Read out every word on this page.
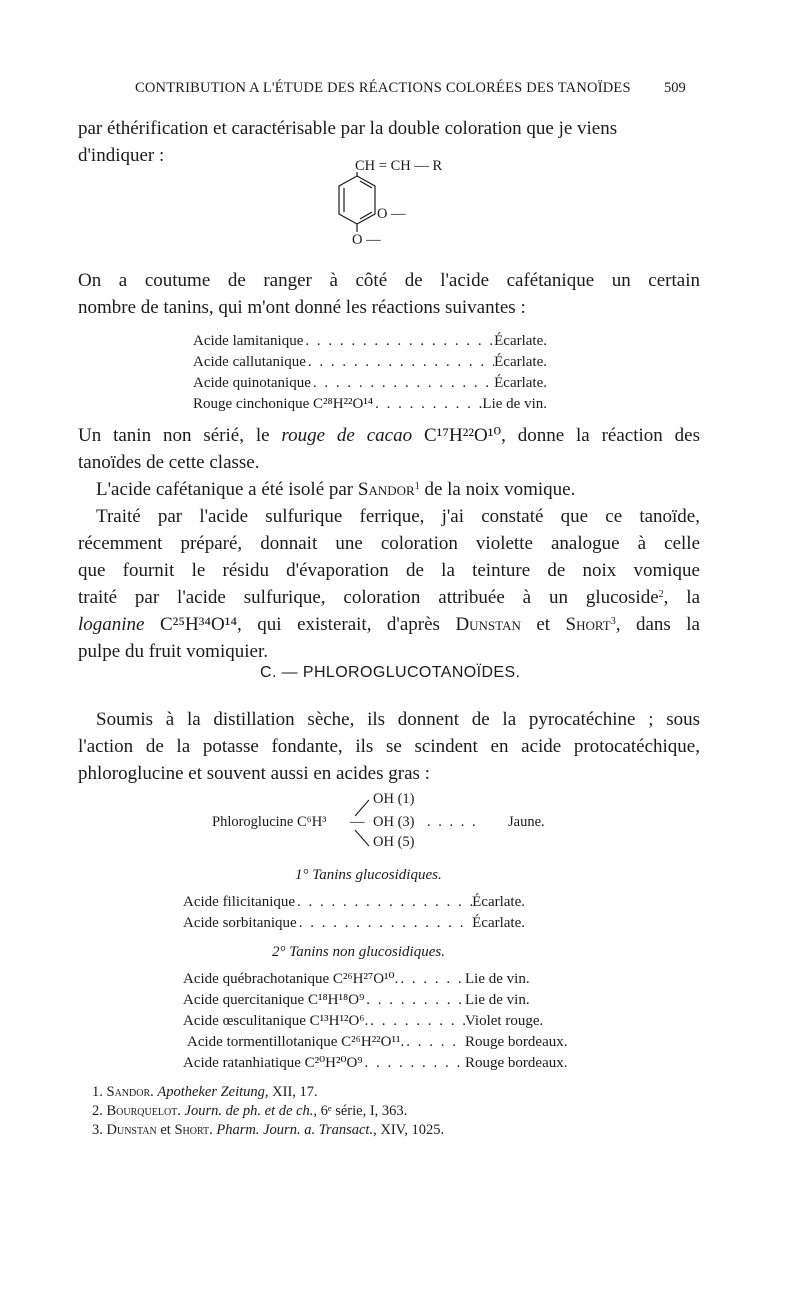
CONTRIBUTION A L'ÉTUDE DES RÉACTIONS COLORÉES DES TANOÏDES 509
par éthérification et caractérisable par la double coloration que je viens
d'indiquer :	CH = CH — R
O —
O —
On a coutume de ranger à côté de l'acide cafétanique un certain
nombre de tanins, qui m'ont donné les réactions suivantes :
Acide lamitanique . . .	Écarlate.
Acide callutanique . . .	Écarlate.
Acide quinotanique . . .	Écarlate.
Rouge cinchonique C²⁸H²²O¹⁴ . . .	Lie de vin.
Un tanin non sérié, le rouge de cacao C¹⁷H²²O¹⁰, donne la réaction des
tanoïdes de cette classe.
L'acide cafétanique a été isolé par Sandor$^1$ de la noix vomique.
Traité par l'acide sulfurique ferrique, j'ai constaté que ce tanoïde,
récemment préparé, donnait une coloration violette analogue à celle
que fournit le résidu d'évaporation de la teinture de noix vomique
traité par l'acide sulfurique, coloration attribuée à un glucoside$^2$, la
loganine C²⁵H³⁴O¹⁴, qui existerait, d'après Dunstan et Short$^3$, dans la
pulpe du fruit vomiquier.
C. — PHLOROGLUCOTANOÏDES.
Soumis à la distillation sèche, ils donnent de la pyrocatéchine ; sous
l'action de la potasse fondante, ils se scindent en acide protocatéchique,
phloroglucine et souvent aussi en acides gras :
OH (1)
Phloroglucine C⁶H³ — OH (3) . . . . . Jaune.
OH (5)
1° Tanins glucosidiques.
Acide filicitanique . . .	Écarlate.
Acide sorbitanique . . .	Écarlate.
2° Tanins non glucosidiques.
Acide québrachotanique C²⁶H²⁷O¹⁰. . . .	Lie de vin.
Acide quercitanique C¹⁸H¹⁸O⁹ . . .	Lie de vin.
Acide œsculitanique C¹³H¹²O⁶. . . .	Violet rouge.
Acide tormentillotanique C²⁶H²²O¹¹. . . .	Rouge bordeaux.
Acide ratanhiatique C²⁰H²⁰O⁹ . . .	Rouge bordeaux.
1. Sandor. Apotheker Zeitung, XII, 17.
2. Bourquelot. Journ. de ph. et de ch., 6ᵉ série, I, 363.
3. Dunstan et Short. Pharm. Journ. a. Transact., XIV, 1025.
